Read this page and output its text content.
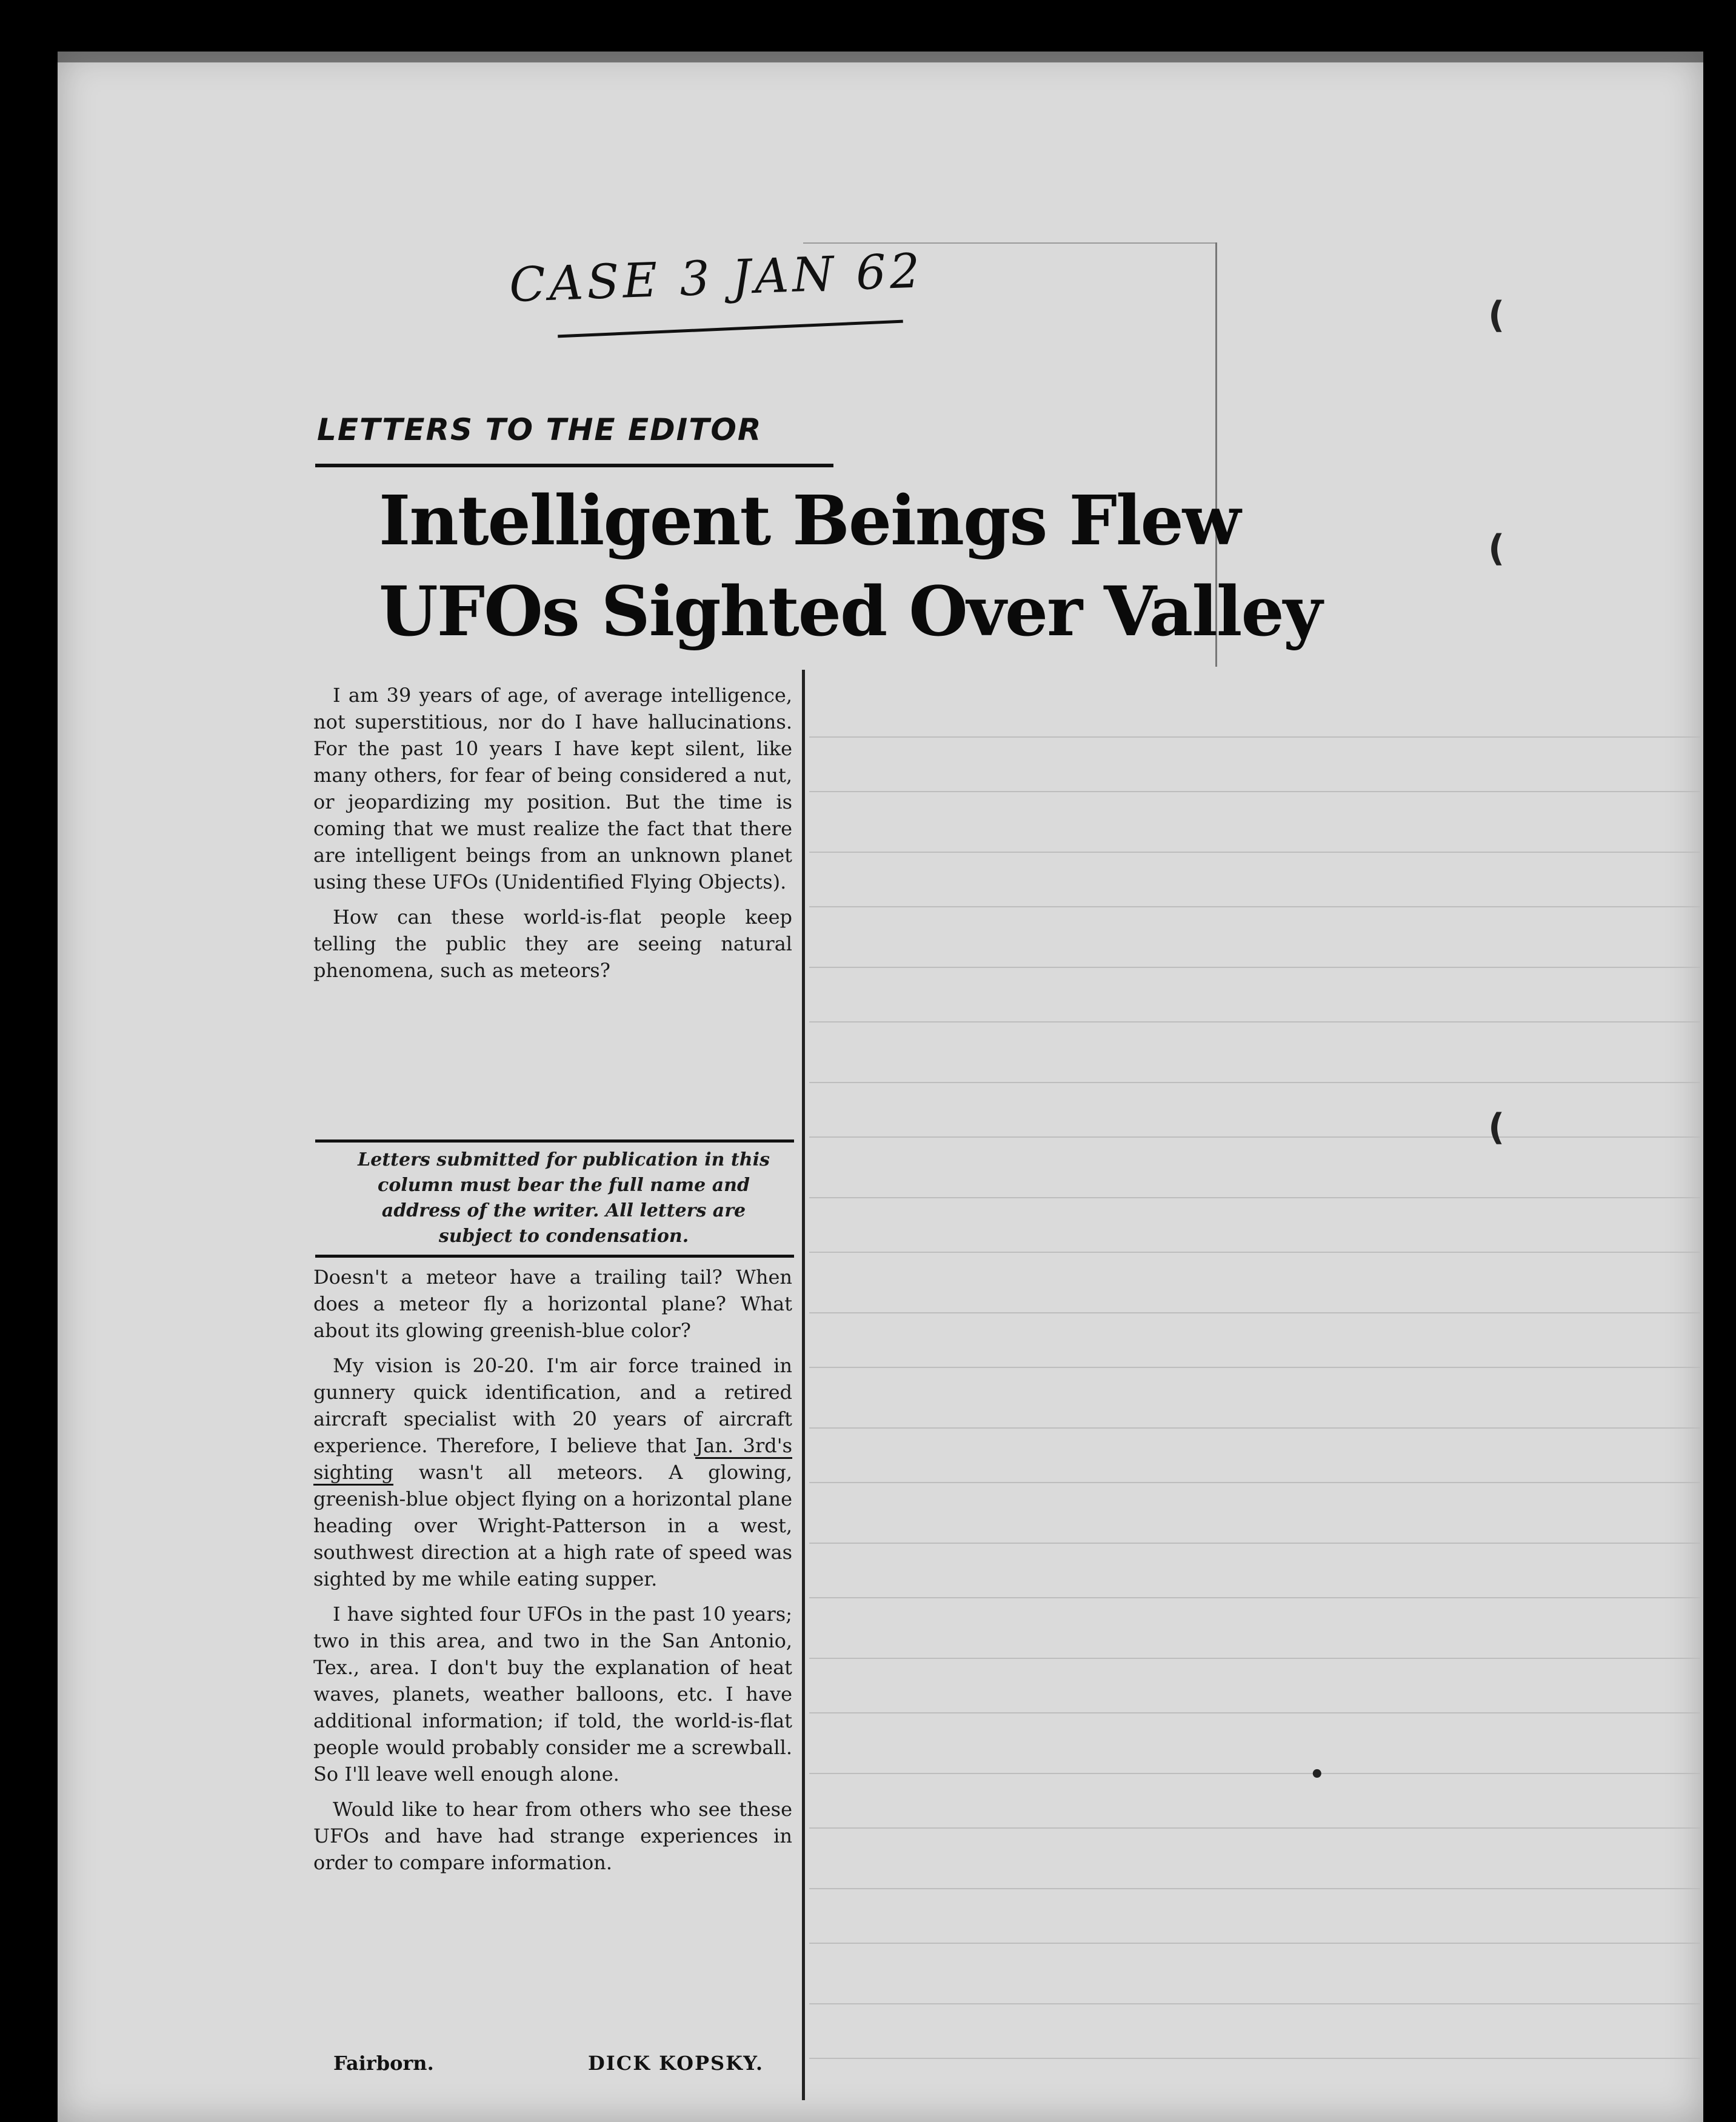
(
(
(
•
CASE 3 JAN 62
LETTERS TO THE EDITOR
Intelligent Beings Flew
UFOs Sighted Over Valley

I am 39 years of age, of average intelligence, not superstitious, nor do I have hallucinations. For the past 10 years I have kept silent, like many others, for fear of being considered a nut, or jeopardizing my position. But the time is coming that we must realize the fact that there are intelligent beings from an unknown planet using these UFOs (Unidentified Flying Objects).

How can these world-is-flat people keep telling the public they are seeing natural phenomena, such as meteors?

Letters submitted for publication in this column must bear the full name and address of the writer. All letters are subject to condensation.

Doesn't a meteor have a trailing tail? When does a meteor fly a horizontal plane? What about its glowing greenish-blue color?

My vision is 20-20. I'm air force trained in gunnery quick identification, and a retired aircraft specialist with 20 years of aircraft experience. Therefore, I believe that Jan. 3rd's sighting wasn't all meteors. A glowing, greenish-blue object flying on a horizontal plane heading over Wright-Patterson in a west, southwest direction at a high rate of speed was sighted by me while eating supper.

I have sighted four UFOs in the past 10 years; two in this area, and two in the San Antonio, Tex., area. I don't buy the explanation of heat waves, planets, weather balloons, etc. I have additional information; if told, the world-is-flat people would probably consider me a screwball. So I'll leave well enough alone.

Would like to hear from others who see these UFOs and have had strange experiences in order to compare information.

Fairborn.	DICK KOPSKY.
